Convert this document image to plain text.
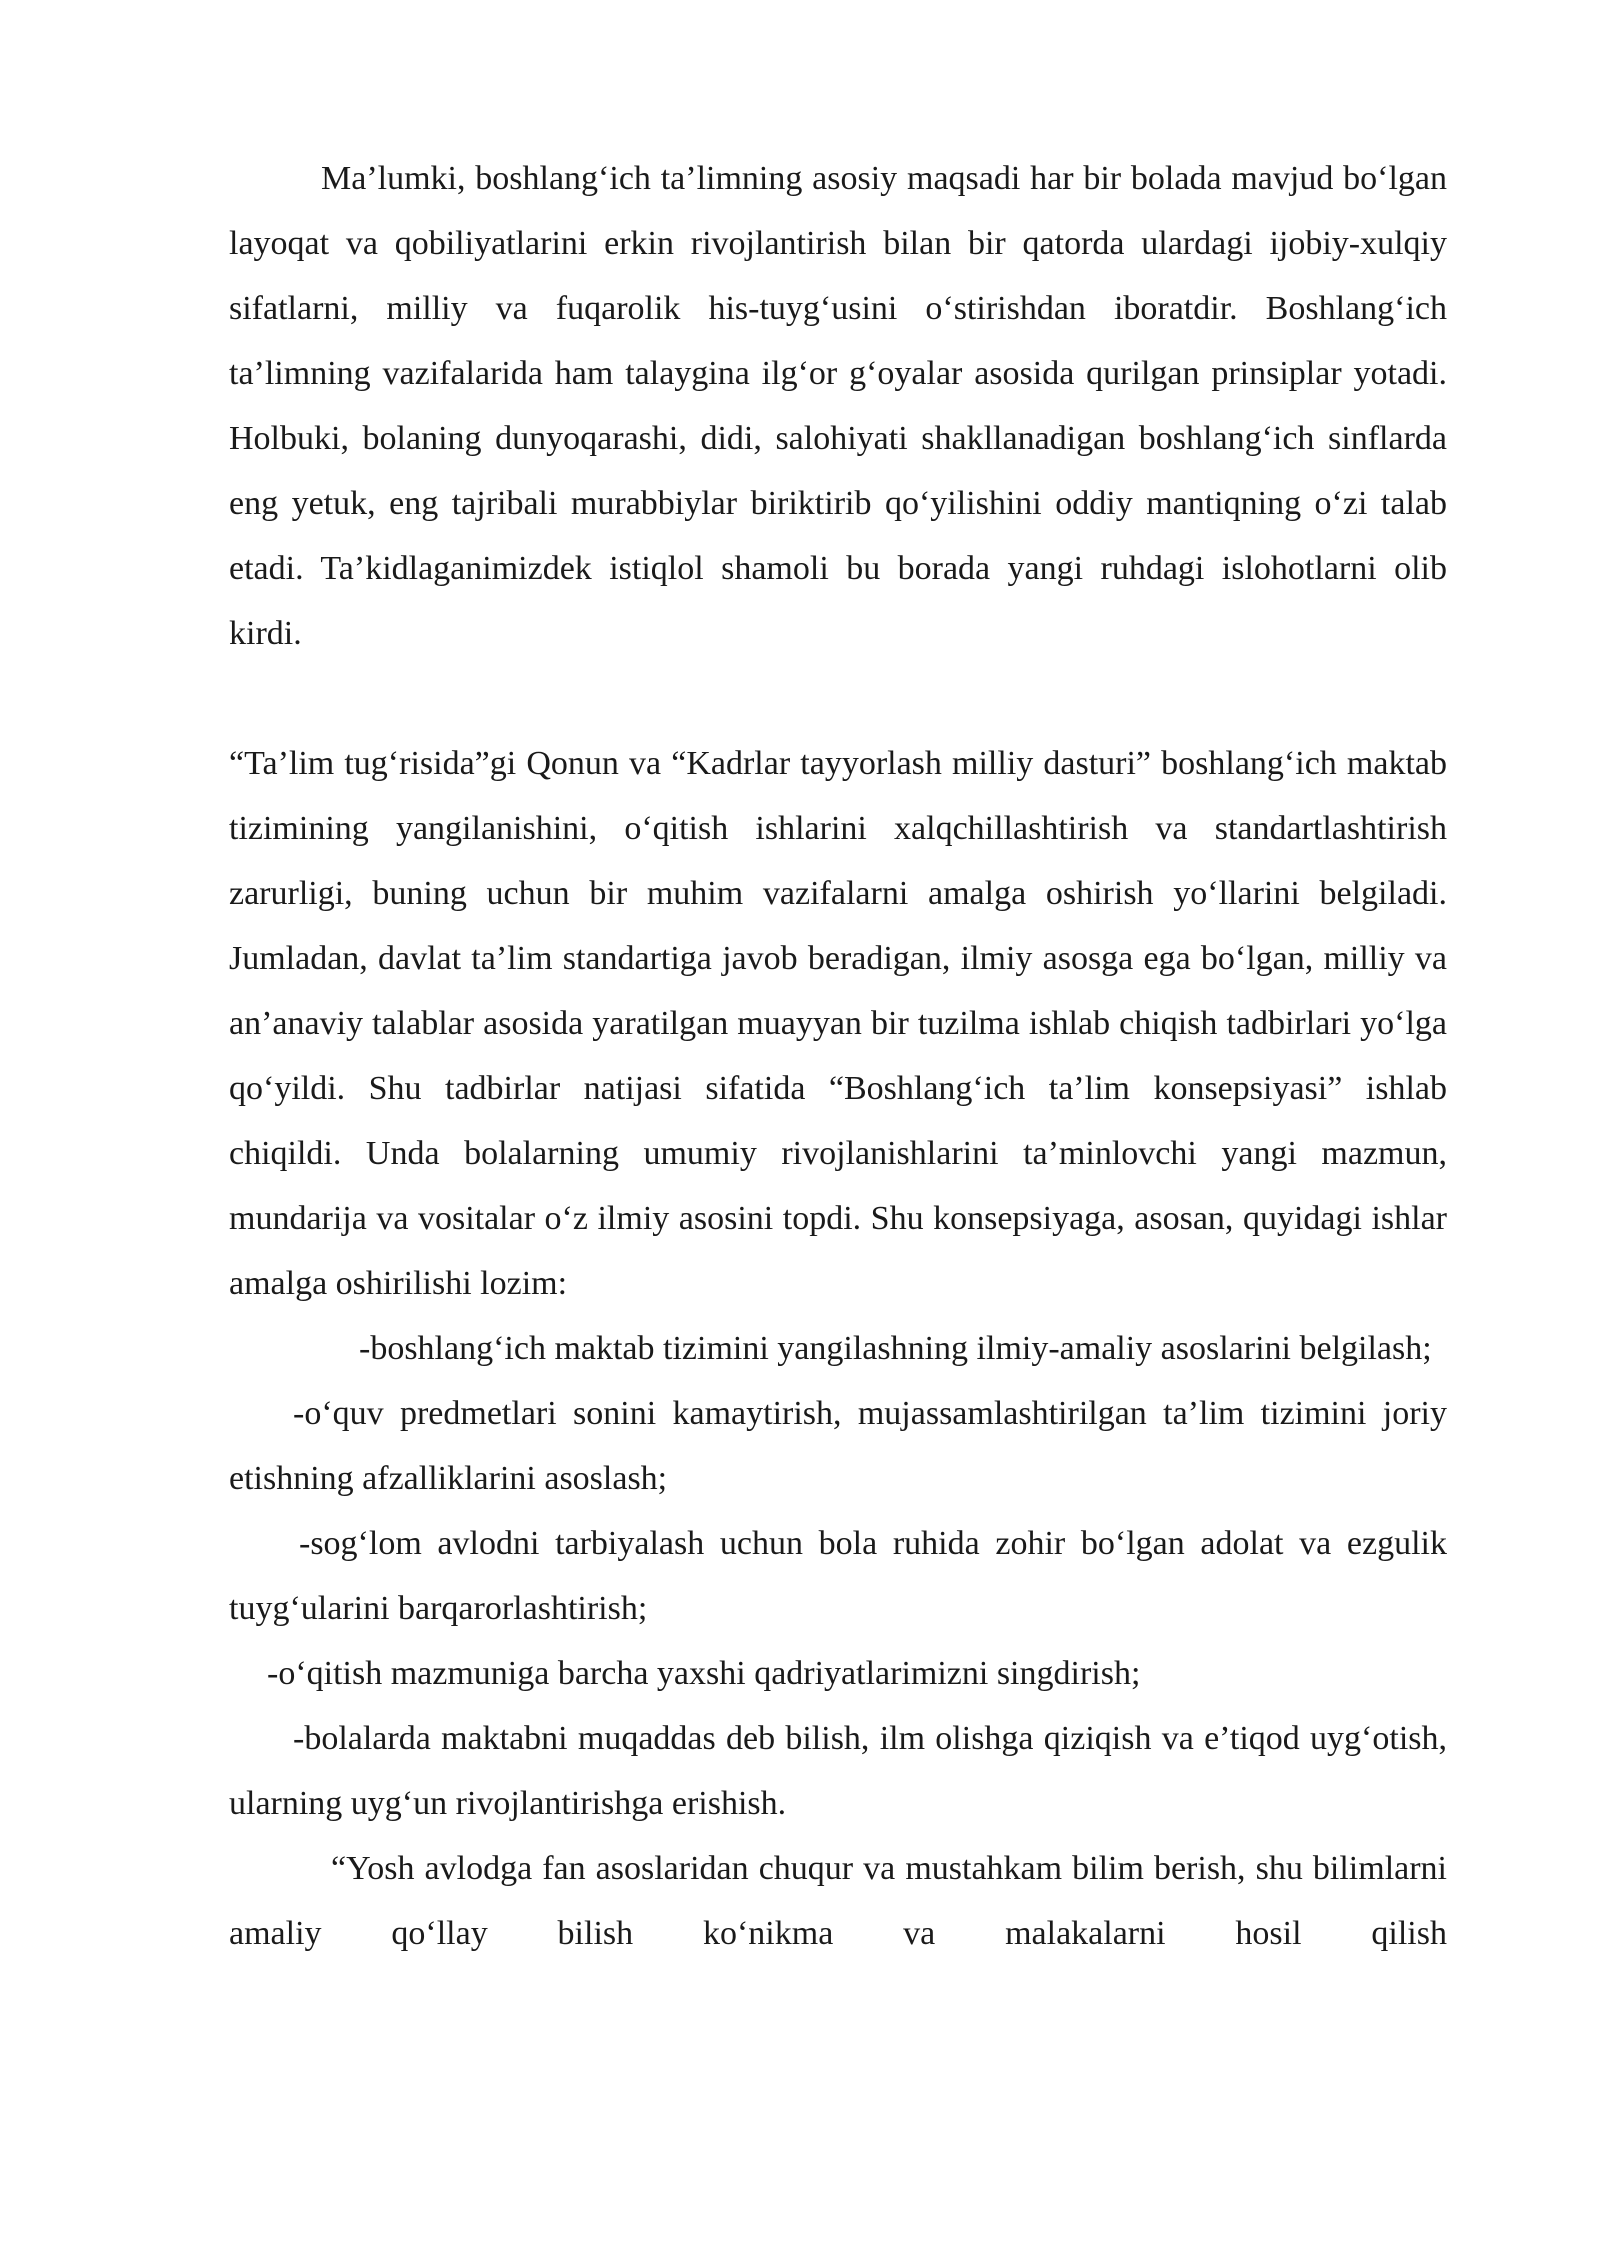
Ma’lumki, boshlang‘ich ta’limning asosiy maqsadi har bir bolada mavjud bo‘lgan layoqat va qobiliyatlarini erkin rivojlantirish bilan bir qatorda ulardagi ijobiy-xulqiy sifatlarni, milliy va fuqarolik his-tuyg‘usini o‘stirishdan iboratdir. Boshlang‘ich ta’limning vazifalarida ham talaygina ilg‘or g‘oyalar asosida qurilgan prinsiplar yotadi. Holbuki, bolaning dunyoqarashi, didi, salohiyati shakllanadigan boshlang‘ich sinflarda eng yetuk, eng tajribali murabbiylar biriktirib qo‘yilishini oddiy mantiqning o‘zi talab etadi. Ta’kidlaganimizdek istiqlol shamoli bu borada yangi ruhdagi islohotlarni olib kirdi.

“Ta’lim tug‘risida”gi Qonun va “Kadrlar tayyorlash milliy dasturi” boshlang‘ich maktab tizimining yangilanishini, o‘qitish ishlarini xalqchillashtirish va standartlashtirish zarurligi, buning uchun bir muhim vazifalarni amalga oshirish yo‘llarini belgiladi. Jumladan, davlat ta’lim standartiga javob beradigan, ilmiy asosga ega bo‘lgan, milliy va an’anaviy talablar asosida yaratilgan muayyan bir tuzilma ishlab chiqish tadbirlari yo‘lga qo‘yildi. Shu tadbirlar natijasi sifatida “Boshlang‘ich ta’lim konsepsiyasi” ishlab chiqildi. Unda bolalarning umumiy rivojlanishlarini ta’minlovchi yangi mazmun, mundarija va vositalar o‘z ilmiy asosini topdi. Shu konsepsiyaga, asosan, quyidagi ishlar amalga oshirilishi lozim:

-boshlang‘ich maktab tizimini yangilashning ilmiy-amaliy asoslarini belgilash;

-o‘quv predmetlari sonini kamaytirish, mujassamlashtirilgan ta’lim tizimini joriy etishning afzalliklarini asoslash;

-sog‘lom avlodni tarbiyalash uchun bola ruhida zohir bo‘lgan adolat va ezgulik tuyg‘ularini barqarorlashtirish;

-o‘qitish mazmuniga barcha yaxshi qadriyatlarimizni singdirish;

-bolalarda maktabni muqaddas deb bilish, ilm olishga qiziqish va e’tiqod uyg‘otish, ularning uyg‘un rivojlantirishga erishish.

“Yosh avlodga fan asoslaridan chuqur va mustahkam bilim berish, shu bilimlarni amaliy qo‘llay bilish ko‘nikma va malakalarni hosil qilish
